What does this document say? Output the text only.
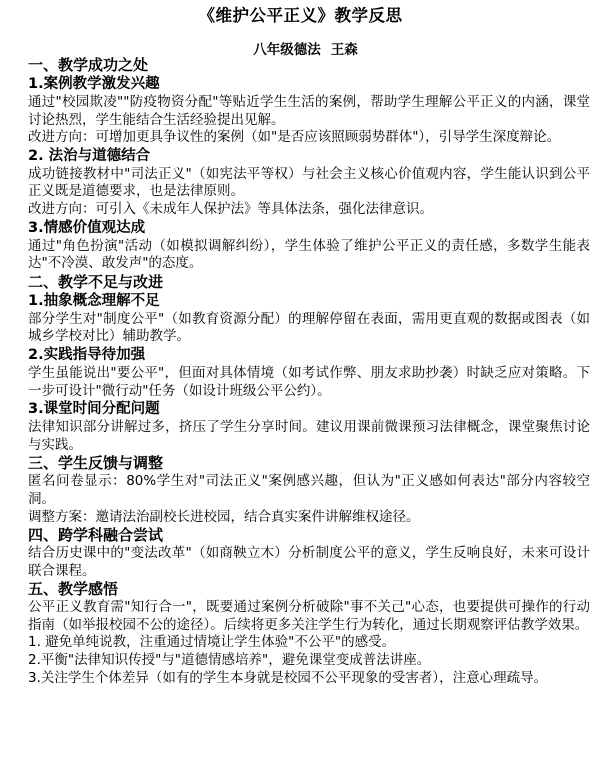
《维护公平正义》教学反思
八年级德法 王森
一、教学成功之处
1.案例教学激发兴趣
通过"校园欺凌""防疫物资分配"等贴近学生生活的案例，帮助学生理解公平正义的内涵，课堂讨论热烈，学生能结合生活经验提出见解。
改进方向：可增加更具争议性的案例（如"是否应该照顾弱势群体"），引导学生深度辩论。
2. 法治与道德结合
成功链接教材中"司法正义"（如宪法平等权）与社会主义核心价值观内容，学生能认识到公平正义既是道德要求，也是法律原则。
改进方向：可引入《未成年人保护法》等具体法条，强化法律意识。
3.情感价值观达成
通过"角色扮演"活动（如模拟调解纠纷），学生体验了维护公平正义的责任感，多数学生能表达"不冷漠、敢发声"的态度。
二、教学不足与改进
1.抽象概念理解不足
部分学生对"制度公平"（如教育资源分配）的理解停留在表面，需用更直观的数据或图表（如城乡学校对比）辅助教学。
2.实践指导待加强
学生虽能说出"要公平"，但面对具体情境（如考试作弊、朋友求助抄袭）时缺乏应对策略。下一步可设计"微行动"任务（如设计班级公平公约）。
3.课堂时间分配问题
法律知识部分讲解过多，挤压了学生分享时间。建议用课前微课预习法律概念，课堂聚焦讨论与实践。
三、学生反馈与调整
匿名问卷显示：80%学生对"司法正义"案例感兴趣，但认为"正义感如何表达"部分内容较空洞。
调整方案：邀请法治副校长进校园，结合真实案件讲解维权途径。
四、跨学科融合尝试
结合历史课中的"变法改革"（如商鞅立木）分析制度公平的意义，学生反响良好，未来可设计联合课程。
五、教学感悟
公平正义教育需"知行合一"，既要通过案例分析破除"事不关己"心态，也要提供可操作的行动指南（如举报校园不公的途径）。后续将更多关注学生行为转化，通过长期观察评估教学效果。
1. 避免单纯说教，注重通过情境让学生体验"不公平"的感受。
2.平衡"法律知识传授"与"道德情感培养"，避免课堂变成普法讲座。
3.关注学生个体差异（如有的学生本身就是校园不公平现象的受害者），注意心理疏导。
